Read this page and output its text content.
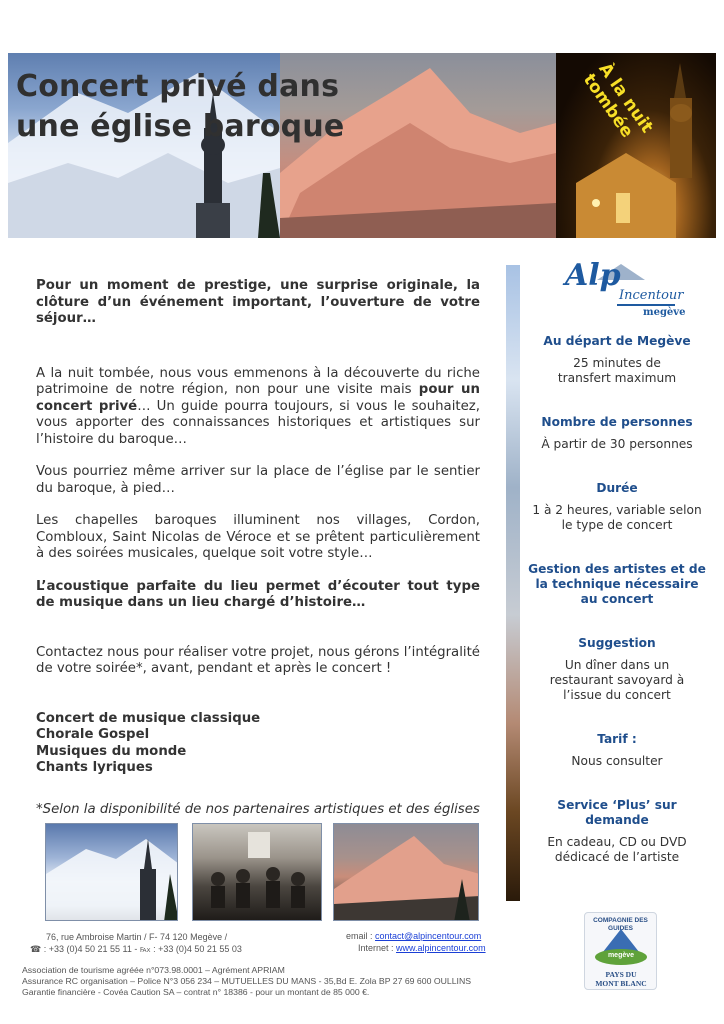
Concert privé dans
une église baroque	À la nuit tombée

Pour un moment de prestige, une surprise originale, la clôture d’un événement important, l’ouverture de votre séjour…

A la nuit tombée, nous vous emmenons à la découverte du riche patrimoine de notre région, non pour une visite mais pour un concert privé… Un guide pourra toujours, si vous le souhaitez, vous apporter des connaissances historiques et artistiques sur l’histoire du baroque…

Vous pourriez même arriver sur la place de l’église par le sentier du baroque, à pied…

Les chapelles baroques illuminent nos villages, Cordon, Combloux, Saint Nicolas de Véroce et se prêtent particulièrement à des soirées musicales, quelque soit votre style…

L’acoustique parfaite du lieu permet d’écouter tout type de musique dans un lieu chargé d’histoire…

Contactez nous pour réaliser votre projet, nous gérons l’intégralité de votre soirée*, avant, pendant et après le concert !

Concert de musique classique
Chorale Gospel
Musiques du monde
Chants lyriques

*Selon la disponibilité de nos partenaires artistiques et des églises

Alp
Incentour
megève
Au départ de Megève
25 minutes de transfert maximum
Nombre de personnes
À partir de 30 personnes
Durée
1 à 2 heures, variable selon le type de concert
Gestion des artistes et de la technique nécessaire au concert
Suggestion
Un dîner dans un restaurant savoyard à l’issue du concert
Tarif :
Nous consulter
Service ‘Plus’ sur demande
En cadeau, CD ou DVD dédicacé de l’artiste
76, rue Ambroise Martin / F- 74 120 Megève /
☎ : +33 (0)4 50 21 55 11 - ℻ : +33 (0)4 50 21 55 03
email : contact@alpincentour.com
Internet : www.alpincentour.com
Association de tourisme agréée n°073.98.0001 – Agrément APRIAM
Assurance RC organisation – Police N°3 056 234 – MUTUELLES DU MANS - 35,Bd E. Zola BP 27 69 600 OULLINS
Garantie financière - Covéa Caution SA – contrat n° 18386 - pour un montant de 85 000 €.
COMPAGNIE DES GUIDES
megève
PAYS DU
MONT BLANC
